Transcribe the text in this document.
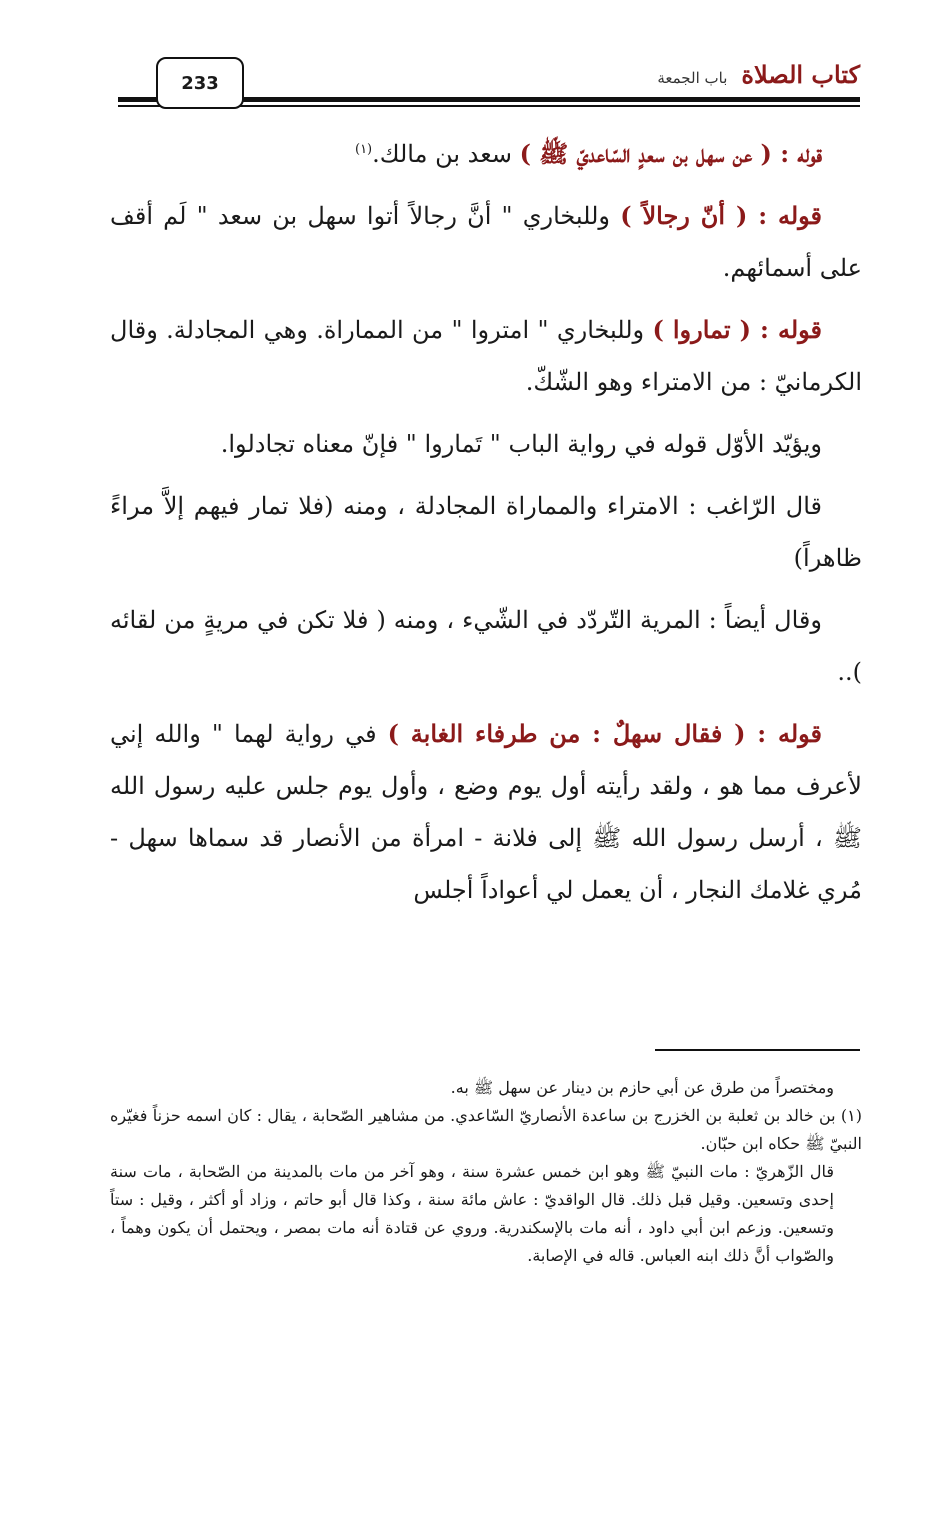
233	كتاب الصلاة
باب الجمعة

قوله : ( عن سهل بن سعدٍ السّاعديّ ﷺ ) سعد بن مالك.$^{(١)}$

قوله : ( أنّ رجالاً ) وللبخاري " أنَّ رجالاً أتوا سهل بن سعد " لَم أقف على أسمائهم.

قوله : ( تماروا ) وللبخاري " امتروا " من المماراة. وهي المجادلة. وقال الكرمانيّ : من الامتراء وهو الشّكّ.

ويؤيّد الأوّل قوله في رواية الباب " تَماروا " فإنّ معناه تجادلوا.

قال الرّاغب : الامتراء والمماراة المجادلة ، ومنه (فلا تمار فيهم إلاَّ مراءً ظاهراً)

وقال أيضاً : المرية التّردّد في الشّيء ، ومنه ( فلا تكن في مريةٍ من لقائه )..

قوله : ( فقال سهلٌ : من طرفاء الغابة ) في رواية لهما " والله إني لأعرف مما هو ، ولقد رأيته أول يوم وضع ، وأول يوم جلس عليه رسول الله ﷺ ، أرسل رسول الله ﷺ إلى فلانة - امرأة من الأنصار قد سماها سهل - مُري غلامك النجار ، أن يعمل لي أعواداً أجلس

ومختصراً من طرق عن أبي حازم بن دينار عن سهل ﷺ به.

(١) بن خالد بن ثعلبة بن الخزرج بن ساعدة الأنصاريّ السّاعدي. من مشاهير الصّحابة ، يقال : كان اسمه حزناً فغيّره النبيّ ﷺ حكاه ابن حبّان.

قال الزّهريّ : مات النبيّ ﷺ وهو ابن خمس عشرة سنة ، وهو آخر من مات بالمدينة من الصّحابة ، مات سنة إحدى وتسعين. وقيل قبل ذلك. قال الواقديّ : عاش مائة سنة ، وكذا قال أبو حاتم ، وزاد أو أكثر ، وقيل : ستاً وتسعين. وزعم ابن أبي داود ، أنه مات بالإسكندرية. وروي عن قتادة أنه مات بمصر ، ويحتمل أن يكون وهماً ، والصّواب أنَّ ذلك ابنه العباس. قاله في الإصابة.
